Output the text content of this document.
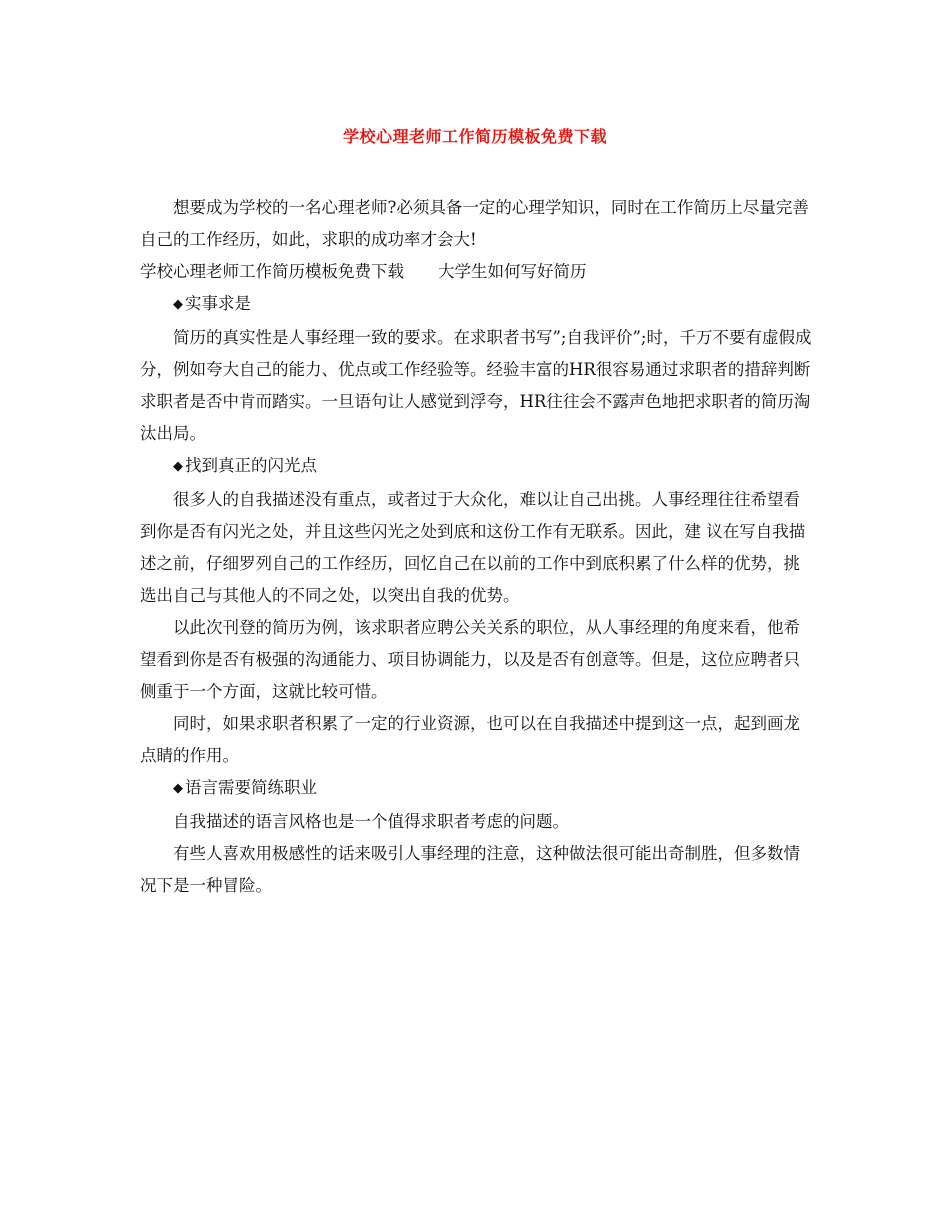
学校心理老师工作简历模板免费下载

想要成为学校的一名心理老师?必须具备一定的心理学知识，同时在工作简历上尽量完善自己的工作经历，如此，求职的成功率才会大!

学校心理老师工作简历模板免费下载 大学生如何写好简历

◆ 实事求是

简历的真实性是人事经理一致的要求。在求职者书写”;自我评价”;时，千万不要有虚假成分，例如夸大自己的能力、优点或工作经验等。经验丰富的HR很容易通过求职者的措辞判断求职者是否中肯而踏实。一旦语句让人感觉到浮夸，HR往往会不露声色地把求职者的简历淘汰出局。

◆ 找到真正的闪光点

很多人的自我描述没有重点，或者过于大众化，难以让自己出挑。人事经理往往希望看到你是否有闪光之处，并且这些闪光之处到底和这份工作有无联系。因此，建 议在写自我描述之前，仔细罗列自己的工作经历，回忆自己在以前的工作中到底积累了什么样的优势，挑选出自己与其他人的不同之处，以突出自我的优势。

以此次刊登的简历为例，该求职者应聘公关关系的职位，从人事经理的角度来看，他希望看到你是否有极强的沟通能力、项目协调能力，以及是否有创意等。但是，这位应聘者只侧重于一个方面，这就比较可惜。

同时，如果求职者积累了一定的行业资源，也可以在自我描述中提到这一点，起到画龙点睛的作用。

◆ 语言需要简练职业

自我描述的语言风格也是一个值得求职者考虑的问题。

有些人喜欢用极感性的话来吸引人事经理的注意，这种做法很可能出奇制胜，但多数情况下是一种冒险。
